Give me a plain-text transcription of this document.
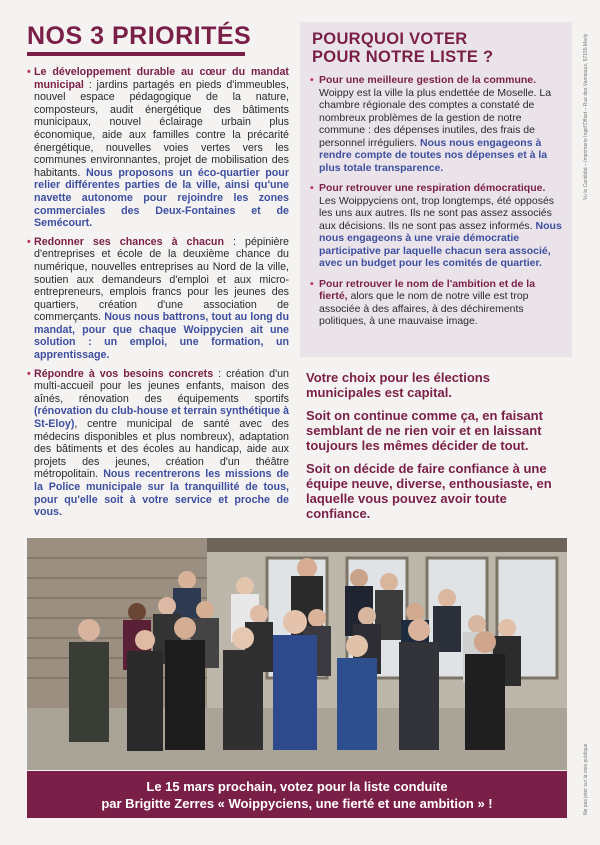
NOS 3 PRIORITÉS

• Le développement durable au cœur du mandat municipal : jardins partagés en pieds d'immeubles, nouvel espace pédagogique de la nature, composteurs, audit énergétique des bâtiments municipaux, nouvel éclairage urbain plus économique, aide aux familles contre la précarité énergétique, nouvelles voies vertes vers les communes environnantes, projet de mobilisation des habitants. Nous proposons un éco-quartier pour relier différentes parties de la ville, ainsi qu'une navette autonome pour rejoindre les zones commerciales des Deux-Fontaines et de Semécourt.

• Redonner ses chances à chacun : pépinière d'entreprises et école de la deuxième chance du numérique, nouvelles entreprises au Nord de la ville, soutien aux demandeurs d'emploi et aux micro-entrepreneurs, emplois francs pour les jeunes des quartiers, création d'une association de commerçants. Nous nous battrons, tout au long du mandat, pour que chaque Woippycien ait une solution : un emploi, une formation, un apprentissage.

• Répondre à vos besoins concrets : création d'un multi-accueil pour les jeunes enfants, maison des aînés, rénovation des équipements sportifs (rénovation du club-house et terrain synthétique à St-Eloy), centre municipal de santé avec des médecins disponibles et plus nombreux), adaptation des bâtiments et des écoles au handicap, aide aux projets des jeunes, création d'un théâtre métropolitain. Nous recentrerons les missions de la Police municipale sur la tranquillité de tous, pour qu'elle soit à votre service et proche de vous.

POURQUOI VOTER
POUR NOTRE LISTE ?

• Pour une meilleure gestion de la commune. Woippy est la ville la plus endettée de Moselle. La chambre régionale des comptes a constaté de nombreux problèmes de la gestion de notre commune : des dépenses inutiles, des frais de personnel irréguliers. Nous nous engageons à rendre compte de toutes nos dépenses et à la plus totale transparence.

• Pour retrouver une respiration démocratique. Les Woippyciens ont, trop longtemps, été opposés les uns aux autres. Ils ne sont pas assez associés aux décisions. Ils ne sont pas assez informés. Nous nous engageons à une vraie démocratie participative par laquelle chacun sera associé, avec un budget pour les comités de quartier.

• Pour retrouver le nom de l'ambition et de la fierté, alors que le nom de notre ville est trop associée à des affaires, à des déchirements politiques, à une mauvaise image.

Votre choix pour les élections municipales est capital.

Soit on continue comme ça, en faisant semblant de ne rien voir et en laissant toujours les mêmes décider de tout.

Soit on décide de faire confiance à une équipe neuve, diverse, enthousiaste, en laquelle vous pouvez avoir toute confiance.

Vu le Candidat – Imprimerie Ingel'Offset – Rue des Vanneaux, 57155 Marly
Ne pas jeter sur la voie publique
Le 15 mars prochain, votez pour la liste conduite
par Brigitte Zerres « Woippyciens, une fierté et une ambition » !
